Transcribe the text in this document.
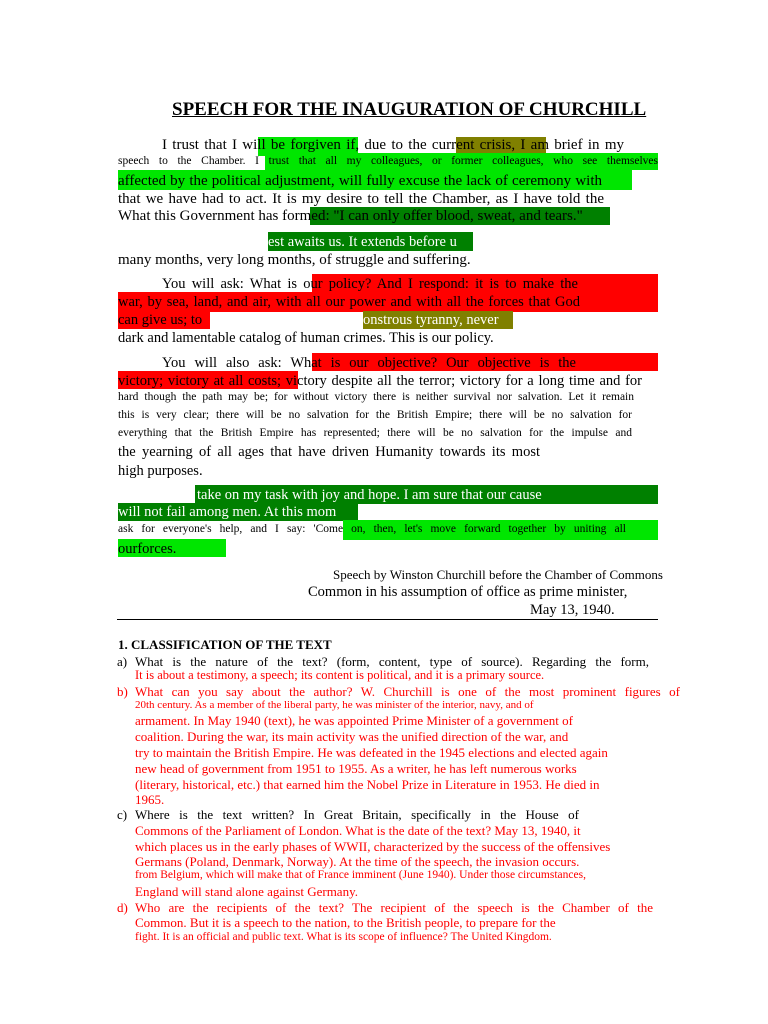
SPEECH FOR THE INAUGURATION OF CHURCHILL
I trust that I will be forgiven if, due to the current crisis, I am brief in my
speech to the Chamber. I trust that all my colleagues, or former colleagues, who see themselves
affected by the political adjustment, will fully excuse the lack of ceremony with
that we have had to act. It is my desire to tell the Chamber, as I have told the
What this Government has formed: "I can only offer blood, sweat, and tears."
est awaits us. It extends before u
many months, very long months, of struggle and suffering.
You will ask: What is our policy? And I respond: it is to make the
war, by sea, land, and air, with all our power and with all the forces that God
can give us; to	onstrous tyranny, never
dark and lamentable catalog of human crimes. This is our policy.
You will also ask: What is our objective? Our objective is the
victory; victory at all costs; victory despite all the terror; victory for a long time and for
hard though the path may be; for without victory there is neither survival nor salvation. Let it remain
this is very clear; there will be no salvation for the British Empire; there will be no salvation for
everything that the British Empire has represented; there will be no salvation for the impulse and
the yearning of all ages that have driven Humanity towards its most
high purposes.
take on my task with joy and hope. I am sure that our cause
will not fail among men. At this mom
ask for everyone's help, and I say: 'Come on, then, let's move forward together by uniting all
ourforces.
Speech by Winston Churchill before the Chamber of Commons
Common in his assumption of office as prime minister,
May 13, 1940.
1. CLASSIFICATION OF THE TEXT
a) What is the nature of the text? (form, content, type of source). Regarding the form,
It is about a testimony, a speech; its content is political, and it is a primary source.
b) What can you say about the author? W. Churchill is one of the most prominent figures of
20th century. As a member of the liberal party, he was minister of the interior, navy, and of
armament. In May 1940 (text), he was appointed Prime Minister of a government of
coalition. During the war, its main activity was the unified direction of the war, and
try to maintain the British Empire. He was defeated in the 1945 elections and elected again
new head of government from 1951 to 1955. As a writer, he has left numerous works
(literary, historical, etc.) that earned him the Nobel Prize in Literature in 1953. He died in
1965.
c) Where is the text written? In Great Britain, specifically in the House of
Commons of the Parliament of London. What is the date of the text? May 13, 1940, it
which places us in the early phases of WWII, characterized by the success of the offensives
Germans (Poland, Denmark, Norway). At the time of the speech, the invasion occurs.
from Belgium, which will make that of France imminent (June 1940). Under those circumstances,
England will stand alone against Germany.
d) Who are the recipients of the text? The recipient of the speech is the Chamber of the
Common. But it is a speech to the nation, to the British people, to prepare for the
fight. It is an official and public text. What is its scope of influence? The United Kingdom.
